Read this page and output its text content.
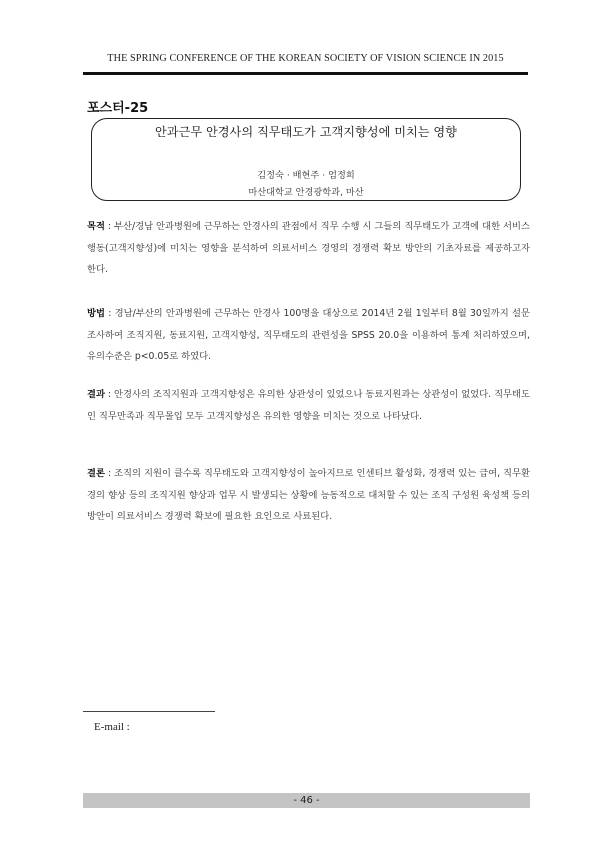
THE SPRING CONFERENCE OF THE KOREAN SOCIETY OF VISION SCIENCE IN 2015
포스터-25
안과근무 안경사의 직무태도가 고객지향성에 미치는 영향
김정숙 · 배현주 · 엄정희
마산대학교 안경광학과, 마산
목적 : 부산/경남 안과병원에 근무하는 안경사의 관점에서 직무 수행 시 그들의 직무태도가 고객에 대한 서비스 행동(고객지향성)에 미치는 영향을 분석하여 의료서비스 경영의 경쟁력 확보 방안의 기초자료를 제공하고자 한다.
방법 : 경남/부산의 안과병원에 근무하는 안경사 100명을 대상으로 2014년 2월 1일부터 8월 30일까지 설문조사하여 조직지원, 동료지원, 고객지향성, 직무태도의 관련성을 SPSS 20.0을 이용하여 통계 처리하였으며, 유의수준은 p<0.05로 하였다.
결과 : 안경사의 조직지원과 고객지향성은 유의한 상관성이 있었으나 동료지원과는 상관성이 없었다. 직무태도인 직무만족과 직무몰입 모두 고객지향성은 유의한 영향을 미치는 것으로 나타났다.
결론 : 조직의 지원이 클수록 직무태도와 고객지향성이 높아지므로 인센티브 활성화, 경쟁력 있는 급여, 직무환경의 향상 등의 조직지원 향상과 업무 시 발생되는 상황에 능동적으로 대처할 수 있는 조직 구성원 육성책 등의 방안이 의료서비스 경쟁력 확보에 필요한 요인으로 사료된다.
E-mail :
- 46 -
